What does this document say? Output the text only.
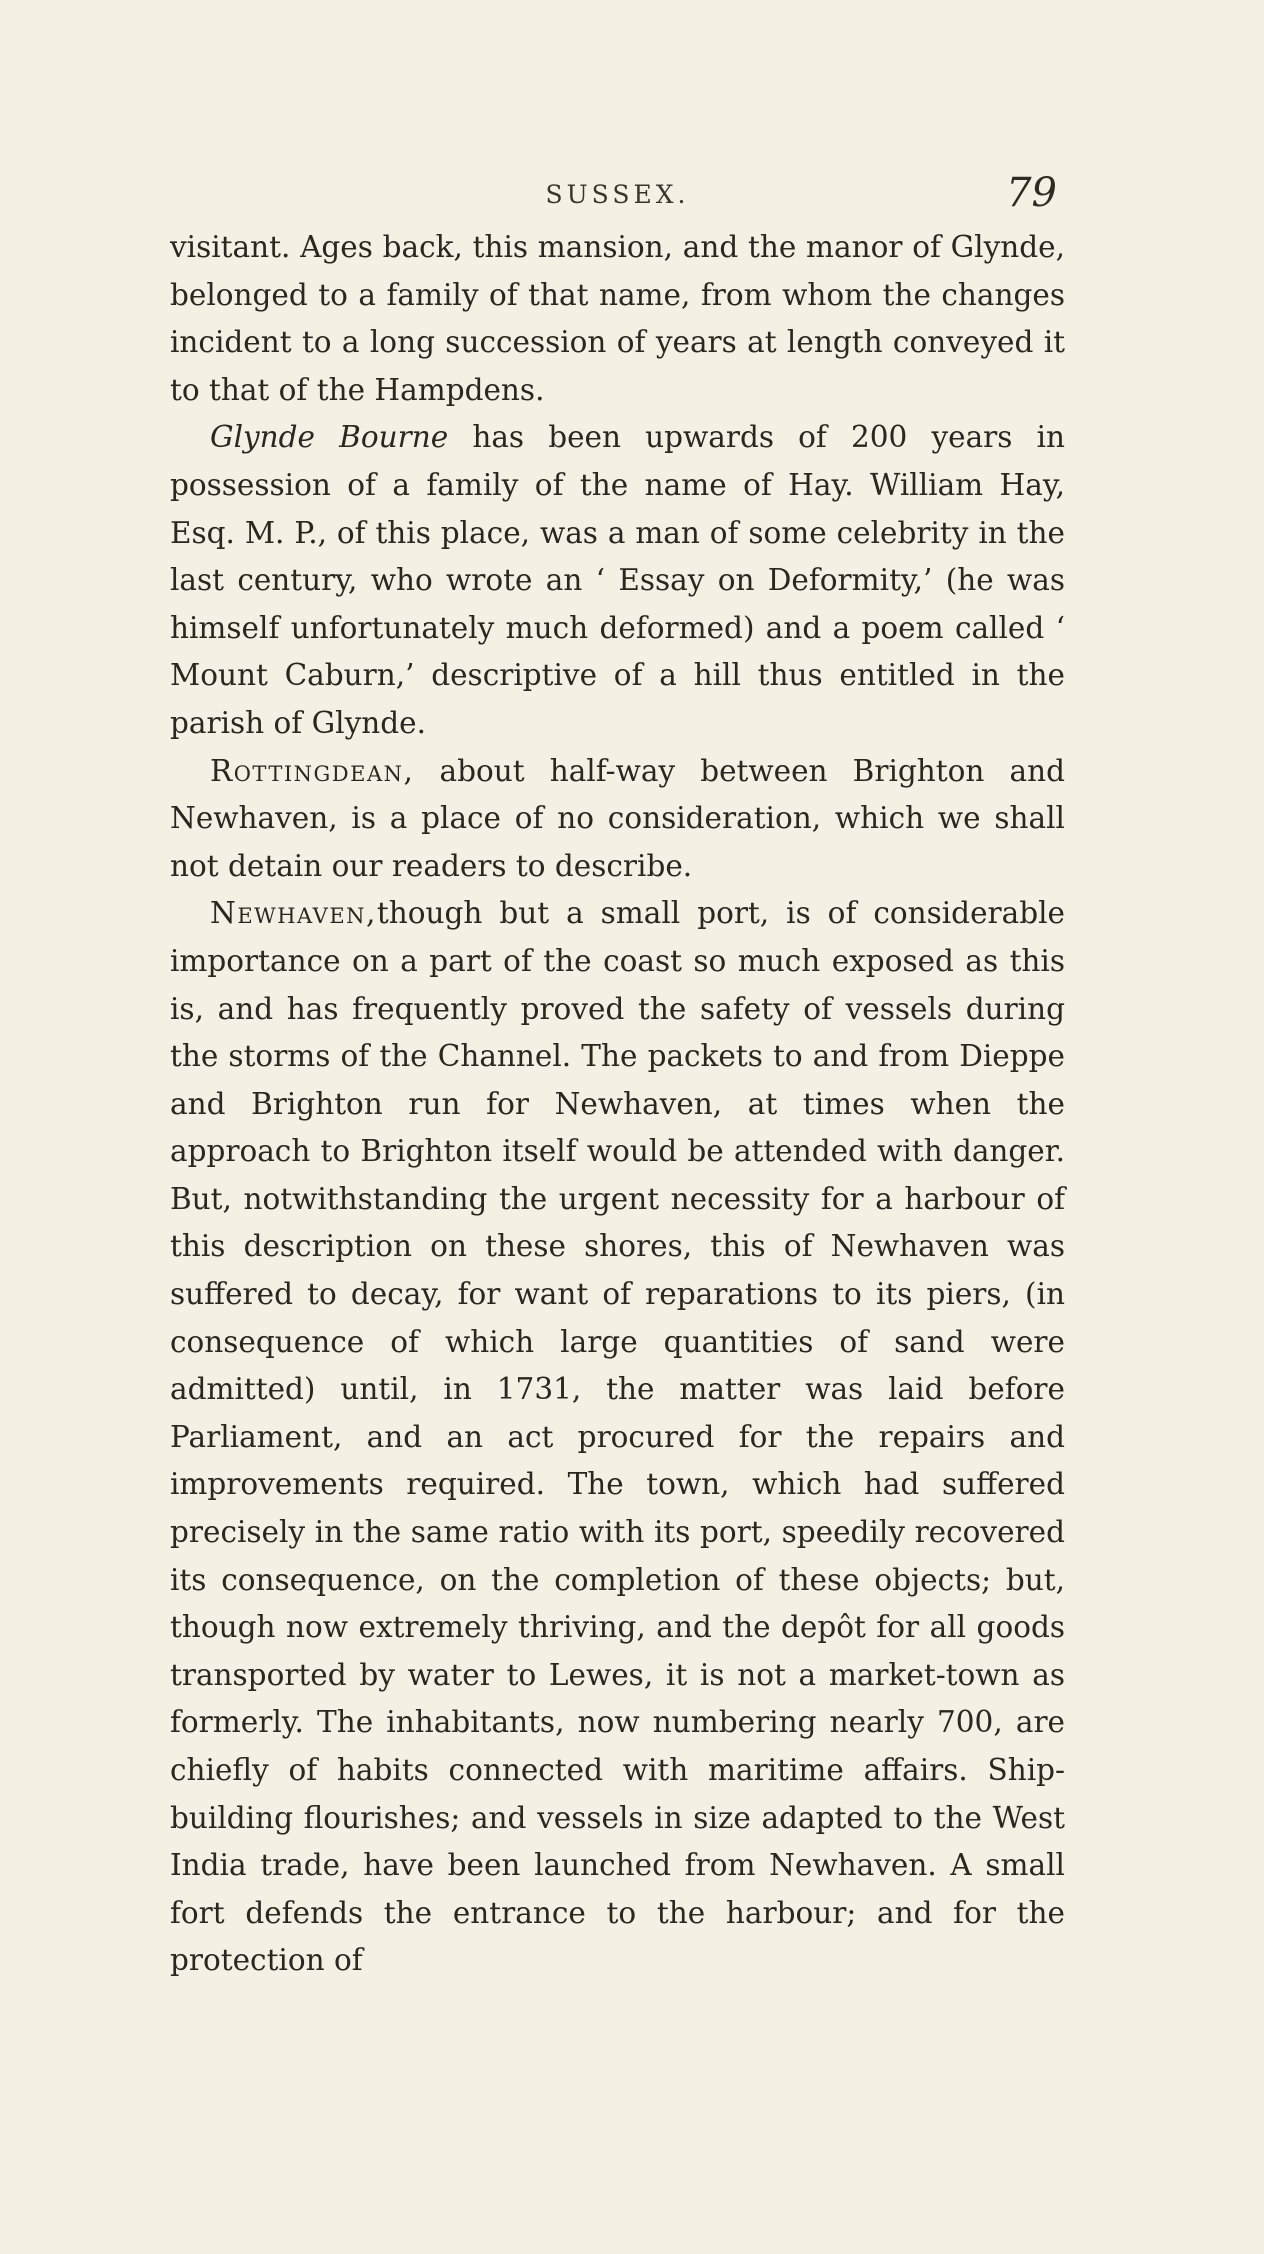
SUSSEX.	79

visitant. Ages back, this mansion, and the manor of Glynde, belonged to a family of that name, from whom the changes incident to a long succession of years at length conveyed it to that of the Hampdens.

Glynde Bourne has been upwards of 200 years in possession of a family of the name of Hay. William Hay, Esq. M. P., of this place, was a man of some celebrity in the last century, who wrote an ‘ Essay on Deformity,’ (he was himself unfortunately much deformed) and a poem called ‘ Mount Caburn,’ descriptive of a hill thus entitled in the parish of Glynde.

Rottingdean, about half-way between Brighton and Newhaven, is a place of no consideration, which we shall not detain our readers to describe.

Newhaven,though but a small port, is of considerable importance on a part of the coast so much exposed as this is, and has frequently proved the safety of vessels during the storms of the Channel. The packets to and from Dieppe and Brighton run for Newhaven, at times when the approach to Brighton itself would be attended with danger. But, notwithstanding the urgent necessity for a harbour of this description on these shores, this of Newhaven was suffered to decay, for want of reparations to its piers, (in consequence of which large quantities of sand were admitted) until, in 1731, the matter was laid before Parliament, and an act procured for the repairs and improvements required. The town, which had suffered precisely in the same ratio with its port, speedily recovered its consequence, on the completion of these objects; but, though now extremely thriving, and the depôt for all goods transported by water to Lewes, it is not a market-town as formerly. The inhabitants, now numbering nearly 700, are chiefly of habits connected with maritime affairs. Ship-building flourishes; and vessels in size adapted to the West India trade, have been launched from Newhaven. A small fort defends the entrance to the harbour; and for the protection of
